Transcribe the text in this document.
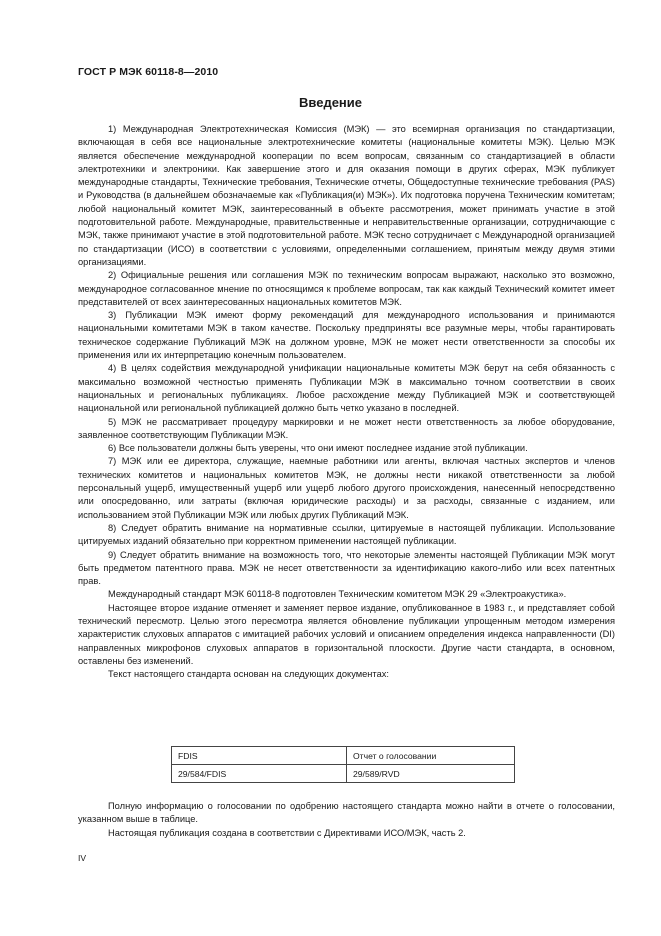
ГОСТ Р МЭК 60118-8—2010
Введение

1) Международная Электротехническая Комиссия (МЭК) — это всемирная организация по стандартизации, включающая в себя все национальные электротехнические комитеты (национальные комитеты МЭК). Целью МЭК является обеспечение международной кооперации по всем вопросам, связанным со стандартизацией в области электротехники и электроники. Как завершение этого и для оказания помощи в других сферах, МЭК публикует международные стандарты, Технические требования, Технические отчеты, Общедоступные технические требования (PAS) и Руководства (в дальнейшем обозначаемые как «Публикация(и) МЭК»). Их подготовка поручена Техническим комитетам; любой национальный комитет МЭК, заинтересованный в объекте рассмотрения, может принимать участие в этой подготовительной работе. Международные, правительственные и неправительственные организации, сотрудничающие с МЭК, также принимают участие в этой подготовительной работе. МЭК тесно сотрудничает с Международной организацией по стандартизации (ИСО) в соответствии с условиями, определенными соглашением, принятым между двумя этими организациями.

2) Официальные решения или соглашения МЭК по техническим вопросам выражают, насколько это возможно, международное согласованное мнение по относящимся к проблеме вопросам, так как каждый Технический комитет имеет представителей от всех заинтересованных национальных комитетов МЭК.

3) Публикации МЭК имеют форму рекомендаций для международного использования и принимаются национальными комитетами МЭК в таком качестве. Поскольку предприняты все разумные меры, чтобы гарантировать техническое содержание Публикаций МЭК на должном уровне, МЭК не может нести ответственности за способы их применения или их интерпретацию конечным пользователем.

4) В целях содействия международной унификации национальные комитеты МЭК берут на себя обязанность с максимально возможной честностью применять Публикации МЭК в максимально точном соответствии в своих национальных и региональных публикациях. Любое расхождение между Публикацией МЭК и соответствующей национальной или региональной публикацией должно быть четко указано в последней.

5) МЭК не рассматривает процедуру маркировки и не может нести ответственность за любое оборудование, заявленное соответствующим Публикации МЭК.

6) Все пользователи должны быть уверены, что они имеют последнее издание этой публикации.

7) МЭК или ее директора, служащие, наемные работники или агенты, включая частных экспертов и членов технических комитетов и национальных комитетов МЭК, не должны нести никакой ответственности за любой персональный ущерб, имущественный ущерб или ущерб любого другого происхождения, нанесенный непосредственно или опосредованно, или затраты (включая юридические расходы) и за расходы, связанные с изданием, или использованием этой Публикации МЭК или любых других Публикаций МЭК.

8) Следует обратить внимание на нормативные ссылки, цитируемые в настоящей публикации. Использование цитируемых изданий обязательно при корректном применении настоящей публикации.

9) Следует обратить внимание на возможность того, что некоторые элементы настоящей Публикации МЭК могут быть предметом патентного права. МЭК не несет ответственности за идентификацию какого-либо или всех патентных прав.

Международный стандарт МЭК 60118-8 подготовлен Техническим комитетом МЭК 29 «Электроакустика».

Настоящее второе издание отменяет и заменяет первое издание, опубликованное в 1983 г., и представляет собой технический пересмотр. Целью этого пересмотра является обновление публикации упрощенным методом измерения характеристик слуховых аппаратов с имитацией рабочих условий и описанием определения индекса направленности (DI) направленных микрофонов слуховых аппаратов в горизонтальной плоскости. Другие части стандарта, в основном, оставлены без изменений.

Текст настоящего стандарта основан на следующих документах:

FDIS	Отчет о голосовании
29/584/FDIS	29/589/RVD

Полную информацию о голосовании по одобрению настоящего стандарта можно найти в отчете о голосовании, указанном выше в таблице.

Настоящая публикация создана в соответствии с Директивами ИСО/МЭК, часть 2.

IV
